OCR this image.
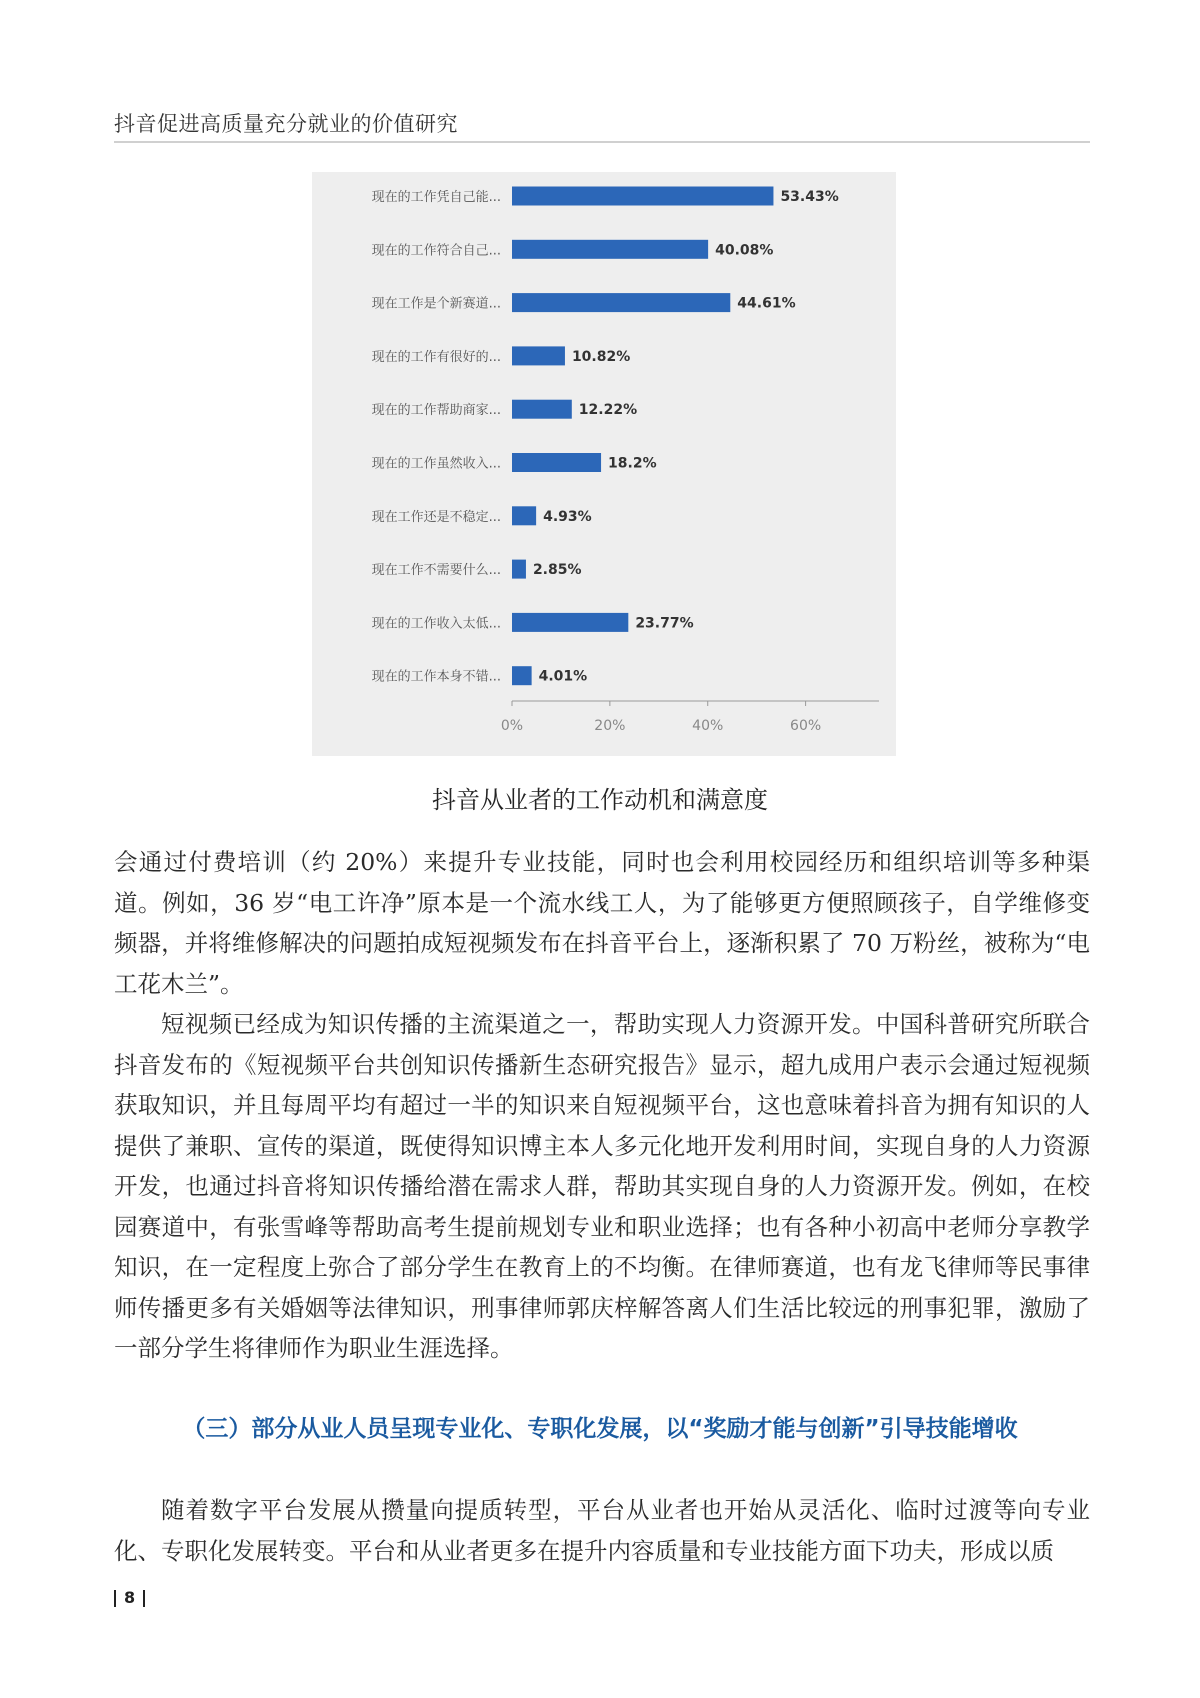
抖音促进高质量充分就业的价值研究
现在的工作凭自己能...	53.43%
现在的工作符合自己...	40.08%
现在工作是个新赛道...	44.61%
现在的工作有很好的...	10.82%
现在的工作帮助商家...	12.22%
现在的工作虽然收入...	18.2%
现在工作还是不稳定...	4.93%
现在工作不需要什么... 2.85%
现在的工作收入太低...	23.77%
现在的工作本身不错...	4.01%
0%	20%	40%	60%
抖音从业者的工作动机和满意度

会通过付费培训（约 20%）来提升专业技能，同时也会利用校园经历和组织培训等多种渠道。例如，36 岁“电工许净”原本是一个流水线工人，为了能够更方便照顾孩子，自学维修变频器，并将维修解决的问题拍成短视频发布在抖音平台上，逐渐积累了 70 万粉丝，被称为“电工花木兰”。

短视频已经成为知识传播的主流渠道之一，帮助实现人力资源开发。中国科普研究所联合抖音发布的《短视频平台共创知识传播新生态研究报告》显示，超九成用户表示会通过短视频获取知识，并且每周平均有超过一半的知识来自短视频平台，这也意味着抖音为拥有知识的人提供了兼职、宣传的渠道，既使得知识博主本人多元化地开发利用时间，实现自身的人力资源开发，也通过抖音将知识传播给潜在需求人群，帮助其实现自身的人力资源开发。例如，在校园赛道中，有张雪峰等帮助高考生提前规划专业和职业选择；也有各种小初高中老师分享教学知识，在一定程度上弥合了部分学生在教育上的不均衡。在律师赛道，也有龙飞律师等民事律师传播更多有关婚姻等法律知识，刑事律师郭庆梓解答离人们生活比较远的刑事犯罪，激励了一部分学生将律师作为职业生涯选择。

（三）部分从业人员呈现专业化、专职化发展，以“奖励才能与创新”引导技能增收

随着数字平台发展从攒量向提质转型，平台从业者也开始从灵活化、临时过渡等向专业化、专职化发展转变。平台和从业者更多在提升内容质量和专业技能方面下功夫，形成以质

8
